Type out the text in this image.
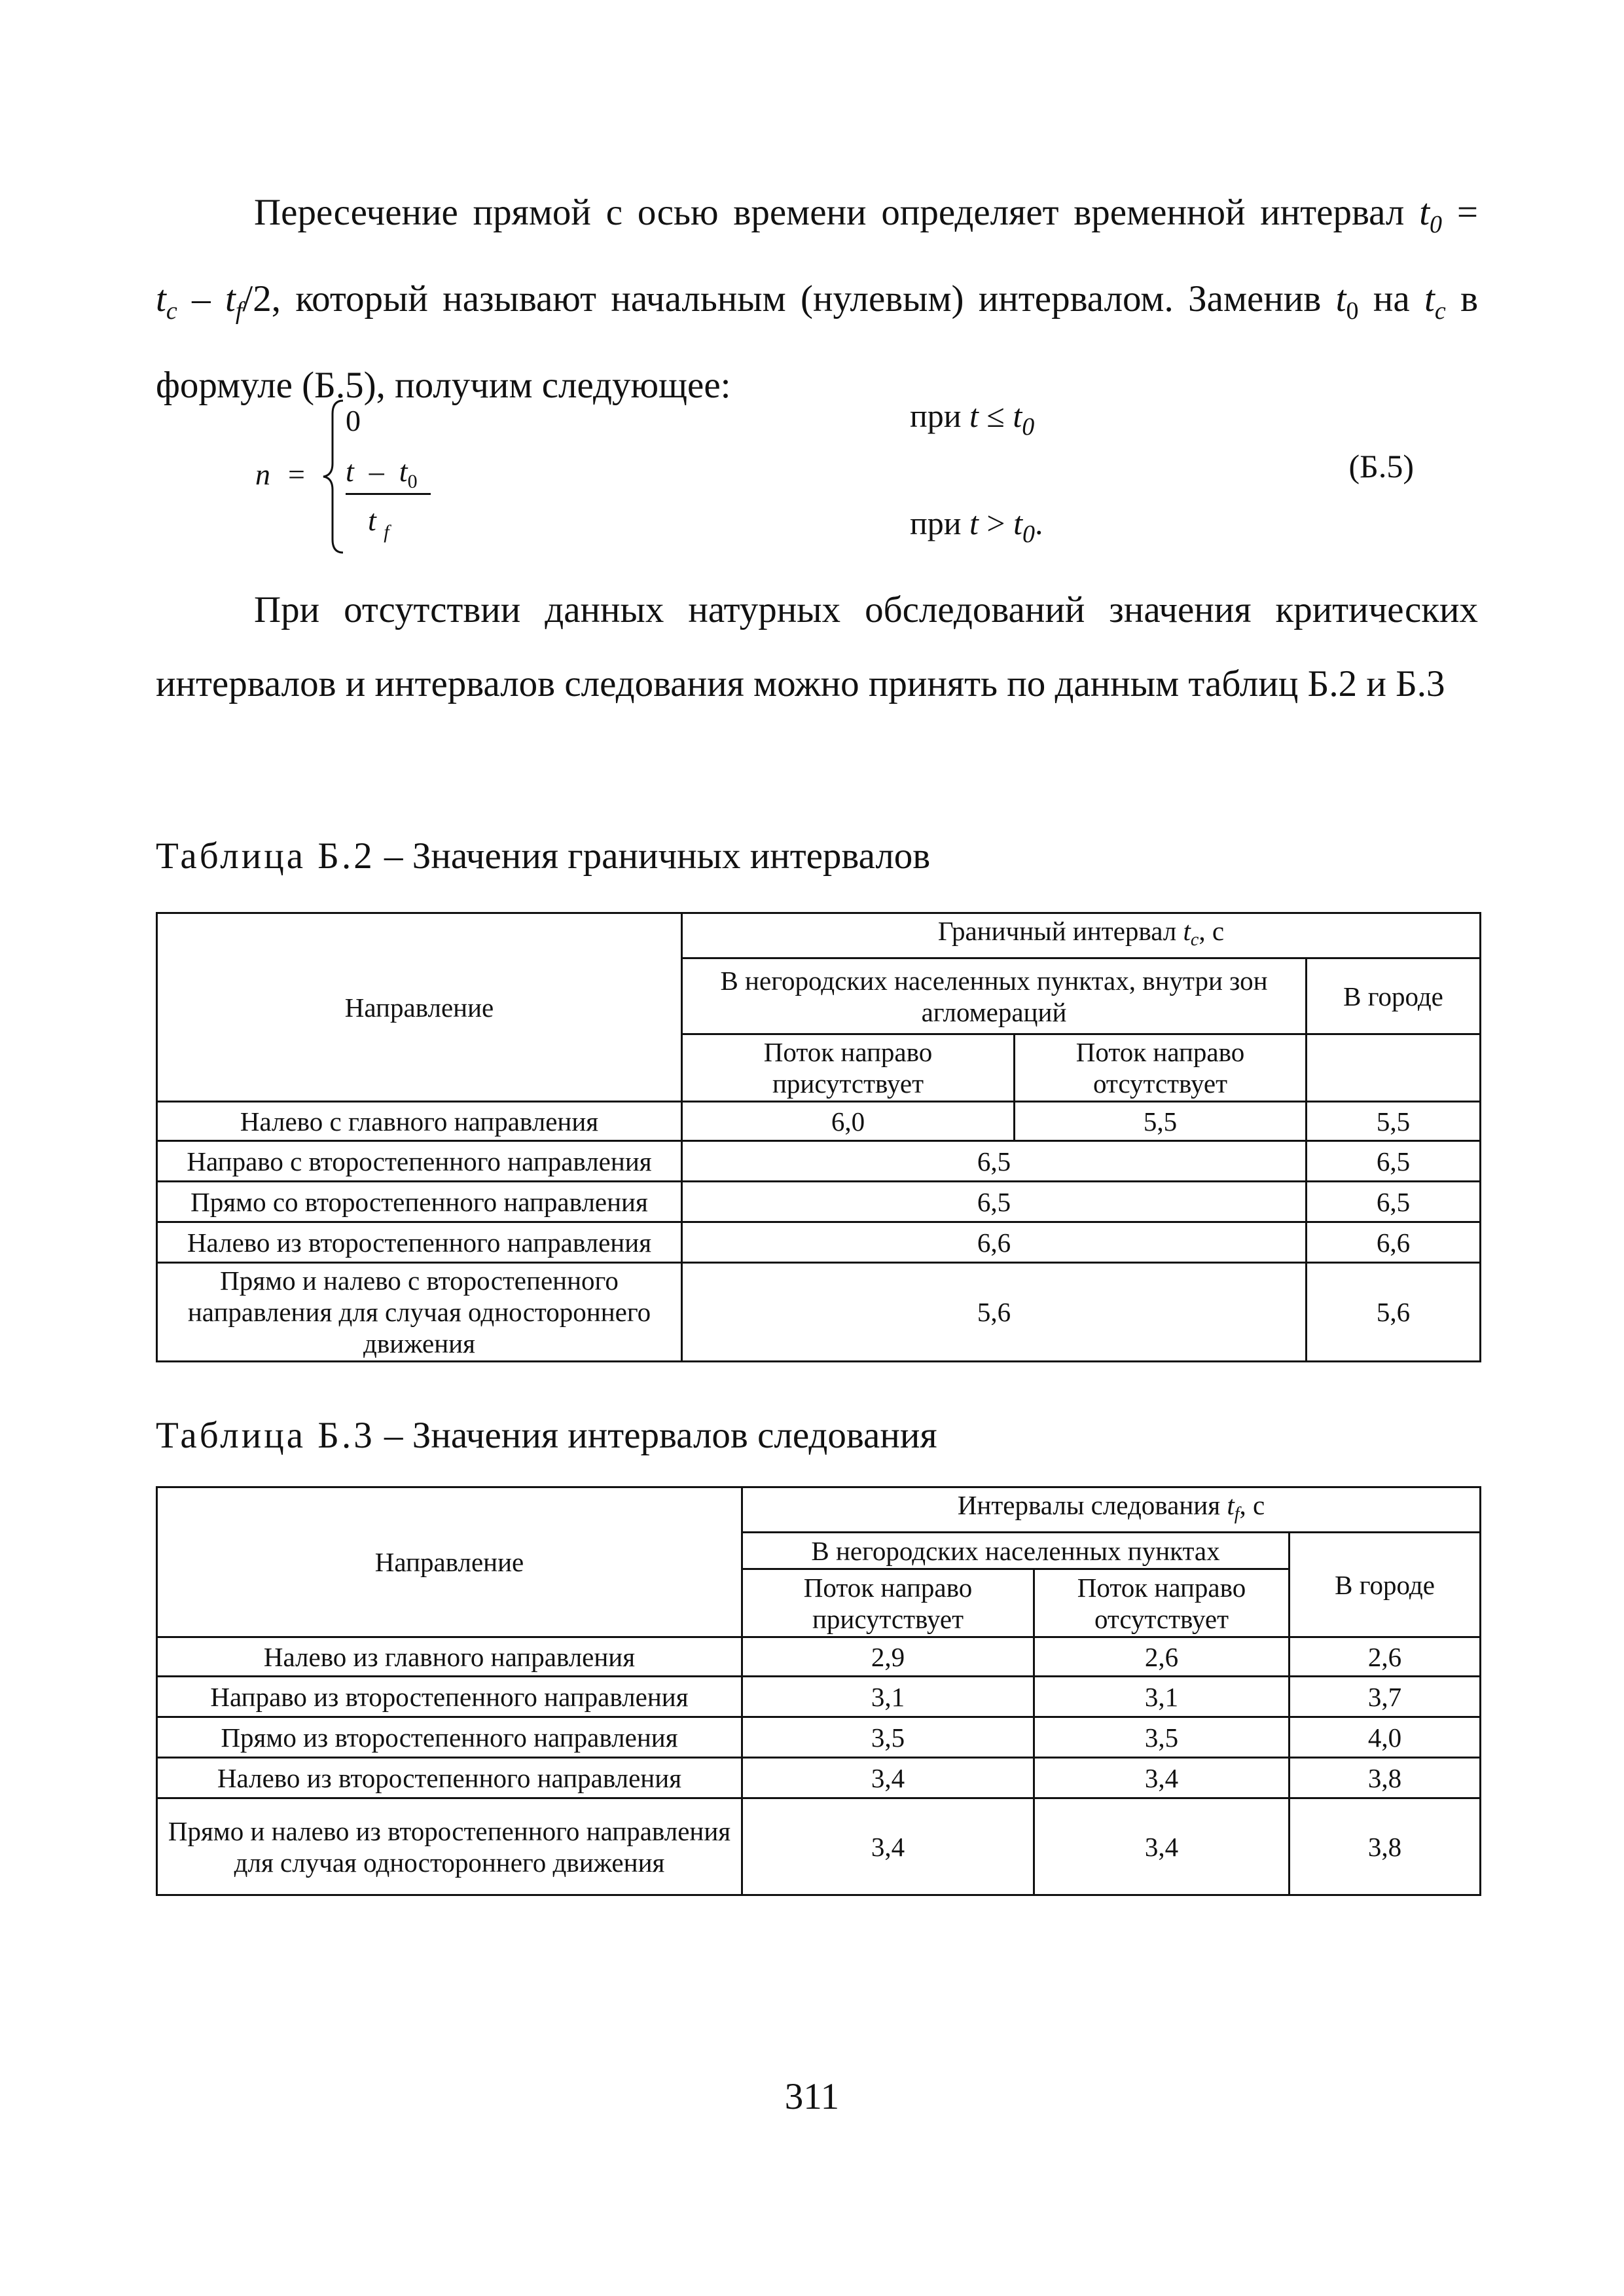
Пересечение прямой с осью времени определяет временной интервал $t_0$ =
$t_c - t_f/2$, который называют начальным (нулевым) интервалом. Заменив $t_0$ на $t_c$ в
формуле (Б.5), получим следующее:
n =
0
t – $t_0$
t $_f$
при $t \le t_0$
при $t > t_0$.
(Б.5)
При отсутствии данных натурных обследований значения критических интервалов и интервалов следования можно принять по данным таблиц Б.2 и Б.3
Таблица Б.2 – Значения граничных интервалов
Направление	Граничный интервал tc, с		
	В негородских населенных пунктах, внутри зон агломераций		В городе
	Поток направо присутствует	Поток направо отсутствует	
Налево с главного направления	6,0	5,5	5,5
Направо с второстепенного направления	6,5		6,5
Прямо со второстепенного направления	6,5		6,5
Налево из второстепенного направления	6,6		6,6
Прямо и налево с второстепенного направления для случая одностороннего движения	5,6		5,6
Таблица Б.3 – Значения интервалов следования
Направление	Интервалы следования tf, с		
	В негородских населенных пунктах		В городе
	Поток направо присутствует	Поток направо отсутствует	
Налево из главного направления	2,9	2,6	2,6
Направо из второстепенного направления	3,1	3,1	3,7
Прямо из второстепенного направления	3,5	3,5	4,0
Налево из второстепенного направления	3,4	3,4	3,8
Прямо и налево из второстепенного направления для случая одностороннего движения	3,4	3,4	3,8
311
